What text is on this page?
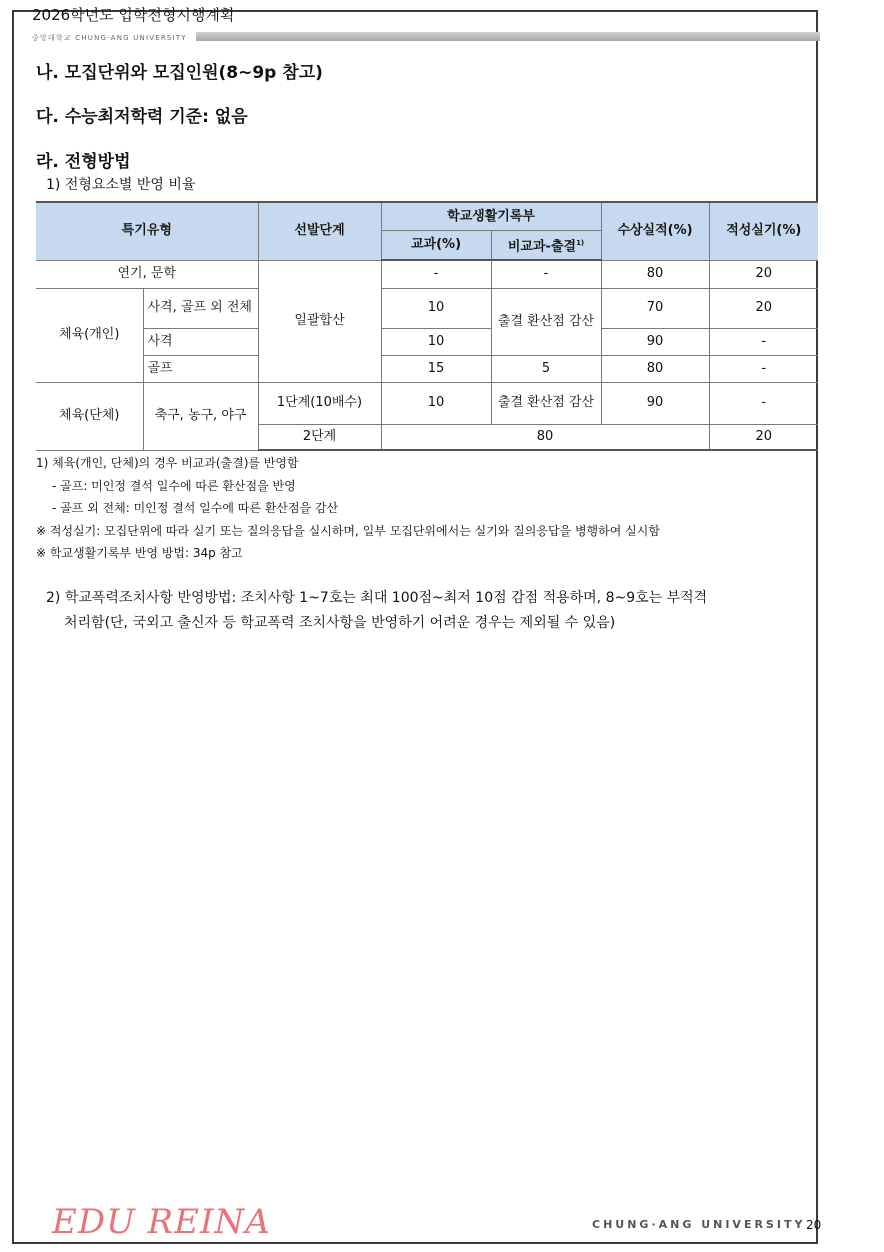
2026학년도 입학전형시행계획
중앙대학교 CHUNG-ANG UNIVERSITY
나. 모집단위와 모집인원(8~9p 참고)
다. 수능최저학력 기준: 없음
라. 전형방법
1) 전형요소별 반영 비율
특기유형		선발단계	학교생활기록부		수상실적(%)	적성실기(%)
			교과(%)	비교과-출결$^{1)}$
연기, 문학		일괄합산	-	-	80	20
체육(개인)	사격, 골프 외 전체		10	출결 환산점 감산	70	20
	사격		10		90	-
	골프		15	5	80	-
체육(단체)	축구, 농구, 야구	1단계(10배수)	10	출결 환산점 감산	90	-
		2단계	80			20
1) 체육(개인, 단체)의 경우 비교과(출결)를 반영함
- 골프: 미인정 결석 일수에 따른 환산점을 반영
- 골프 외 전체: 미인정 결석 일수에 따른 환산점을 감산
※ 적성실기: 모집단위에 따라 실기 또는 질의응답을 실시하며, 일부 모집단위에서는 실기와 질의응답을 병행하여 실시함
※ 학교생활기록부 반영 방법: 34p 참고
2) 학교폭력조치사항 반영방법: 조치사항 1~7호는 최대 100점~최저 10점 감점 적용하며, 8~9호는 부적격
처리함(단, 국외고 출신자 등 학교폭력 조치사항을 반영하기 어려운 경우는 제외될 수 있음)
EDU REINA	CHUNG·ANG UNIVERSITY 20
